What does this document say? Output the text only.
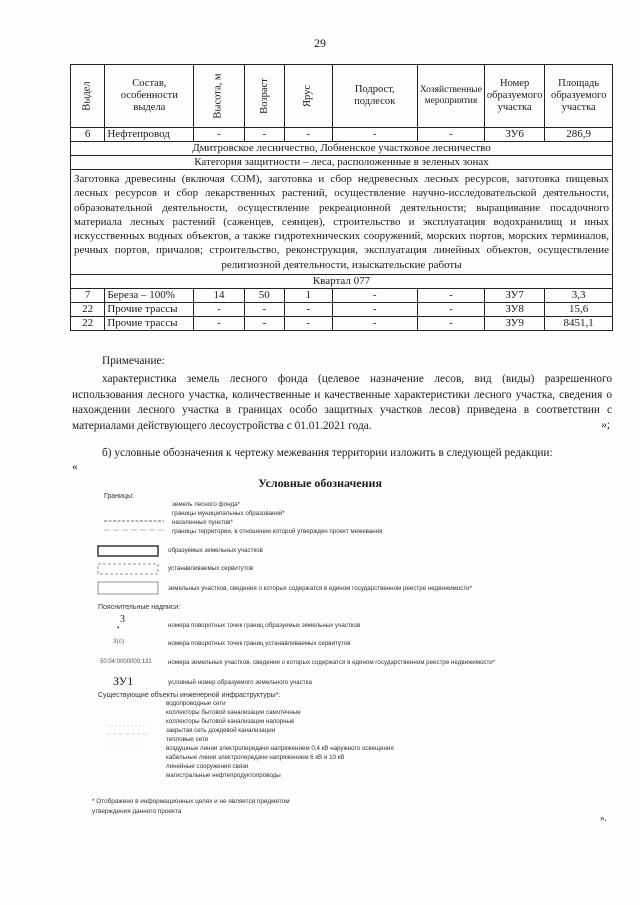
29
Выдел	Состав, особенности выдела	Высота, м	Возраст	Ярус	Подрост, подлесок	Хозяйственные мероприятия	Номер образуемого участка	Площадь образуемого участка
6	Нефтепровод	-	-	-	-	-	ЗУ6	286,9
Дмитровское лесничество, Лобненское участковое лесничество								
Категория защитности – леса, расположенные в зеленых зонах								
Заготовка древесины (включая СОМ), заготовка и сбор недревесных лесных ресурсов, заготовка пищевых лесных ресурсов и сбор лекарственных растений, осуществление научно-исследовательской деятельности, образовательной деятельности, осуществление рекреационной деятельности; выращивание посадочного материала лесных растений (саженцев, сеянцев), строительство и эксплуатация водохранилищ и иных искусственных водных объектов, а также гидротехнических сооружений, морских портов, морских терминалов, речных портов, причалов; строительство, реконструкция, эксплуатация линейных объектов, осуществление религиозной деятельности, изыскательские работы								
Квартал 077								
7	Береза – 100%	14	50	1	-	-	ЗУ7	3,3
22	Прочие трассы	-	-	-	-	-	ЗУ8	15,6
22	Прочие трассы	-	-	-	-	-	ЗУ9	8451,1
Примечание:
характеристика земель лесного фонда (целевое назначение лесов, вид (виды) разрешенного использования лесного участка, количественные и качественные характеристики лесного участка, сведения о нахождении лесного участка в границах особо защитных участков лесов) приведена в соответствии с материалами действующего лесоустройства с 01.01.2021 года.	»;
б) условные обозначения к чертежу межевания территории изложить в следующей редакции:
«
Условные обозначения
Границы:
земель лесного фонда*
границы муниципальных образований*
населенных пунктов*
границы территории, в отношении которой утвержден проект межевания
образуемых земельных участков
устанавливаемых сервитутов
земельных участков, сведения о которых содержатся в едином государственном реестре недвижимости*
Пояснительные надписи:
3
•	номера поворотных точек границ образуемых земельных участков
3(с)	номера поворотных точек границ устанавливаемых сервитутов
50:04:0000000:131	номера земельных участков, сведения о которых содержатся в едином государственном реестре недвижимости*
ЗУ1	условный номер образуемого земельного участка
Существующие объекты инженерной инфраструктуры*:
водопроводные сети
коллекторы бытовой канализации самотечные
коллекторы бытовой канализации напорные
закрытая сеть дождевой канализации
тепловые сети
воздушные линии электропередачи напряжением 0,4 кВ наружного освещения
кабельные линии электропередачи напряжением 6 кВ и 10 кВ
линейные сооружения связи
магистральные нефтепродуктопроводы
* Отображено в информационных целях и не является предметом
утверждения данного проекта
».
